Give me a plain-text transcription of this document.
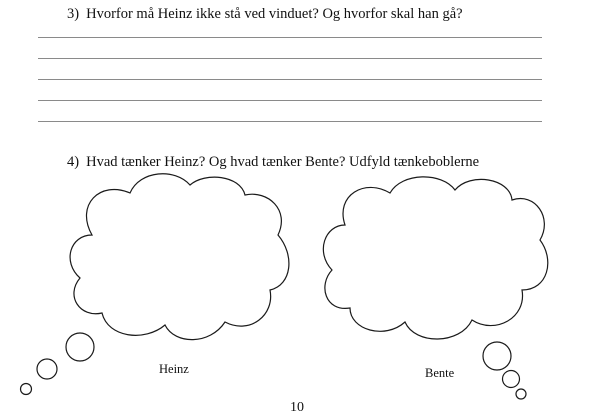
3) Hvorfor må Heinz ikke stå ved vinduet? Og hvorfor skal han gå?
4) Hvad tænker Heinz? Og hvad tænker Bente? Udfyld tænkeboblerne
Heinz	Bente
10
